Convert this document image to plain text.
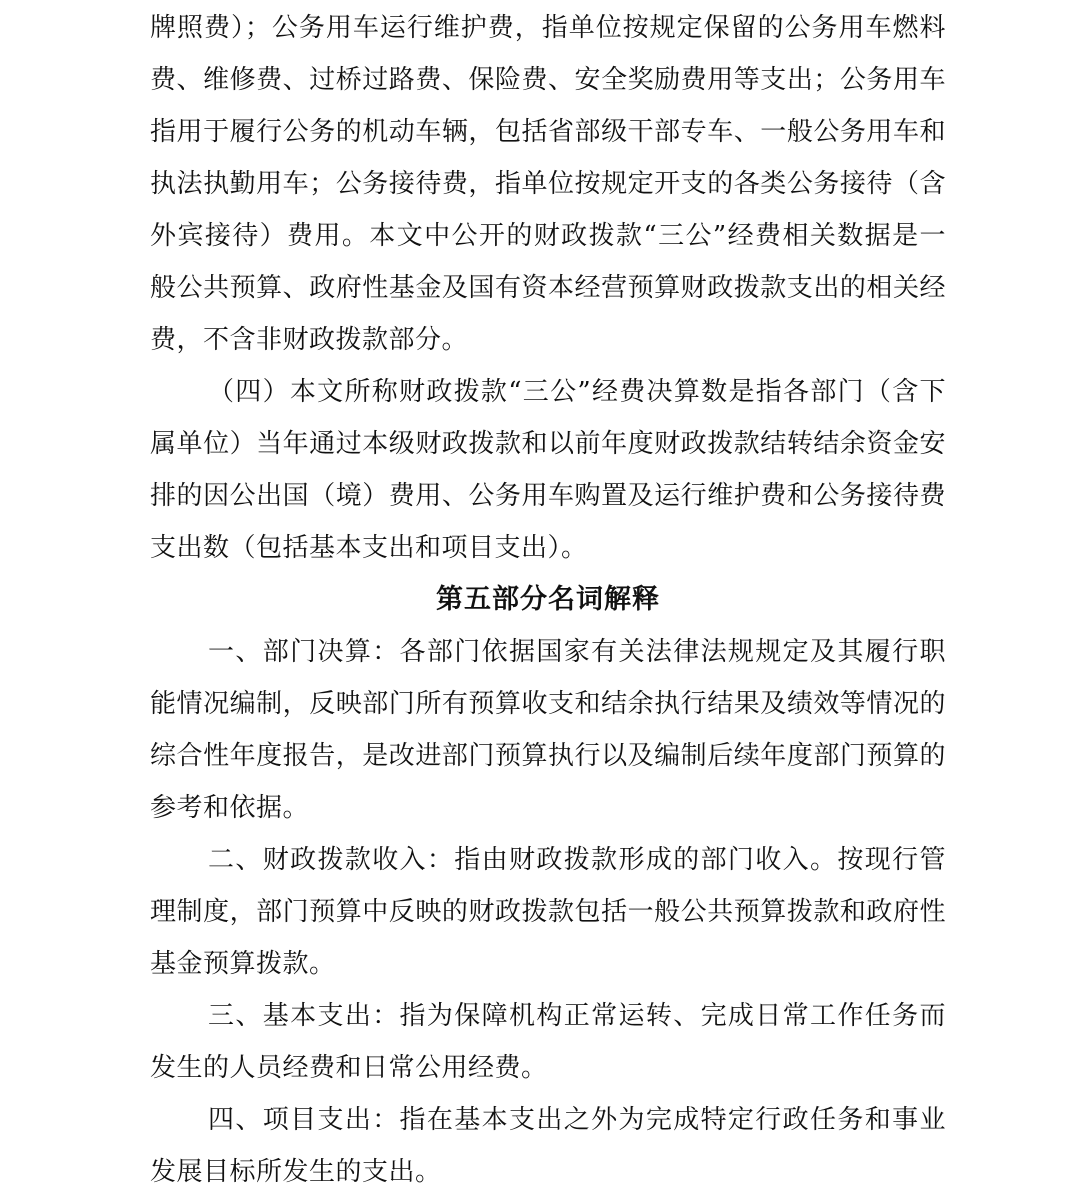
牌照费）；公务用车运行维护费，指单位按规定保留的公务用车燃料费、维修费、过桥过路费、保险费、安全奖励费用等支出；公务用车指用于履行公务的机动车辆，包括省部级干部专车、一般公务用车和执法执勤用车；公务接待费，指单位按规定开支的各类公务接待（含外宾接待）费用。本文中公开的财政拨款“三公”经费相关数据是一般公共预算、政府性基金及国有资本经营预算财政拨款支出的相关经费，不含非财政拨款部分。

（四）本文所称财政拨款“三公”经费决算数是指各部门（含下属单位）当年通过本级财政拨款和以前年度财政拨款结转结余资金安排的因公出国（境）费用、公务用车购置及运行维护费和公务接待费支出数（包括基本支出和项目支出）。

第五部分名词解释

一、部门决算：各部门依据国家有关法律法规规定及其履行职能情况编制，反映部门所有预算收支和结余执行结果及绩效等情况的综合性年度报告，是改进部门预算执行以及编制后续年度部门预算的参考和依据。

二、财政拨款收入：指由财政拨款形成的部门收入。按现行管理制度，部门预算中反映的财政拨款包括一般公共预算拨款和政府性基金预算拨款。

三、基本支出：指为保障机构正常运转、完成日常工作任务而发生的人员经费和日常公用经费。

四、项目支出：指在基本支出之外为完成特定行政任务和事业发展目标所发生的支出。
